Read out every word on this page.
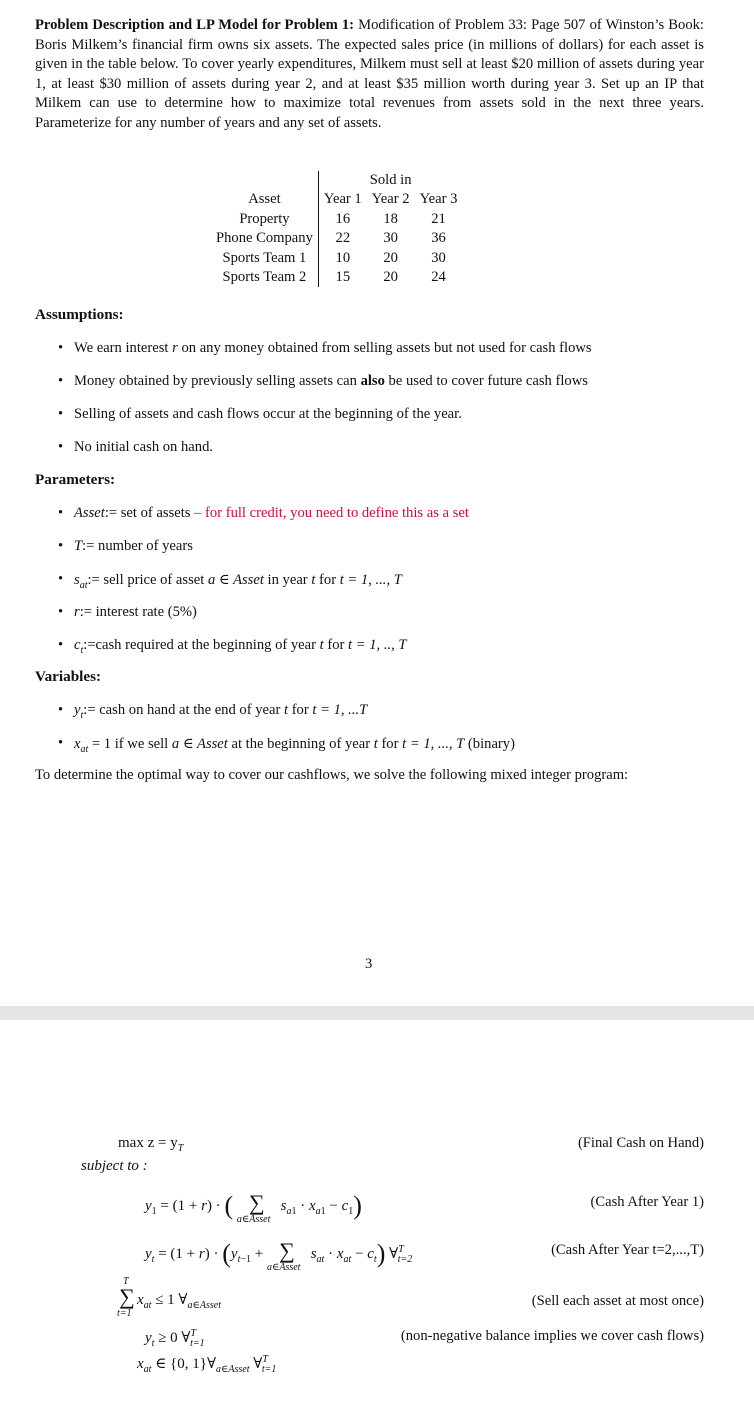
Problem Description and LP Model for Problem 1: Modification of Problem 33: Page 507 of Winston’s Book: Boris Milkem’s financial firm owns six assets. The expected sales price (in millions of dollars) for each asset is given in the table below. To cover yearly expenditures, Milkem must sell at least $20 million of assets during year 1, at least $30 million of assets during year 2, and at least $35 million worth during year 3. Set up an IP that Milkem can use to determine how to maximize total revenues from assets sold in the next three years. Parameterize for any number of years and any set of assets.
	Sold in		
Asset	Year 1	Year 2	Year 3
Property	16	18	21
Phone Company	22	30	36
Sports Team 1	10	20	30
Sports Team 2	15	20	24
Assumptions:
• We earn interest r on any money obtained from selling assets but not used for cash flows
• Money obtained by previously selling assets can also be used to cover future cash flows
• Selling of assets and cash flows occur at the beginning of the year.
• No initial cash on hand.
Parameters:
• Asset:= set of assets – for full credit, you need to define this as a set
• T:= number of years
• $s_{at}:=$ sell price of asset a ∈ Asset in year t for t = 1, ..., T
• r:= interest rate (5%)
• $c_t:=cash$ required at the beginning of year t for t = 1, .., T
Variables:
• $y_t:=$ cash on hand at the end of year t for t = 1, ...T
• $x_{at} = 1$ if we sell a ∈ Asset at the beginning of year t for t = 1, ..., T (binary)
To determine the optimal way to cover our cashflows, we solve the following mixed integer program:
3
$\max z = y_T$	(Final Cash on Hand)
subject to :
$y_1 = (1 + r)$ · ( ∑
a∈Asset
$s_{a1} \cdot x_{a1} - c_1$)	(Cash After Year 1)
$y_t = (1 + r) \cdot (y_{t-1}$ + ∑
a∈Asset
$s_{at} \cdot x_{at} - c_t$) ∀$^T_{t=2}$
(Cash After Year t=2,...,T)
T
∑
t=1
$x_{at} \le 1$ $\forall_{a\in Asset}$	(Sell each asset at most once)
$y_t \ge 0$ ∀$^T_{t=1}$	(non-negative balance implies we cover cash flows)
$x_{at}$ ∈ {0, $1\}\forall_{a\in Asset}$ ∀$^T_{t=1}$
